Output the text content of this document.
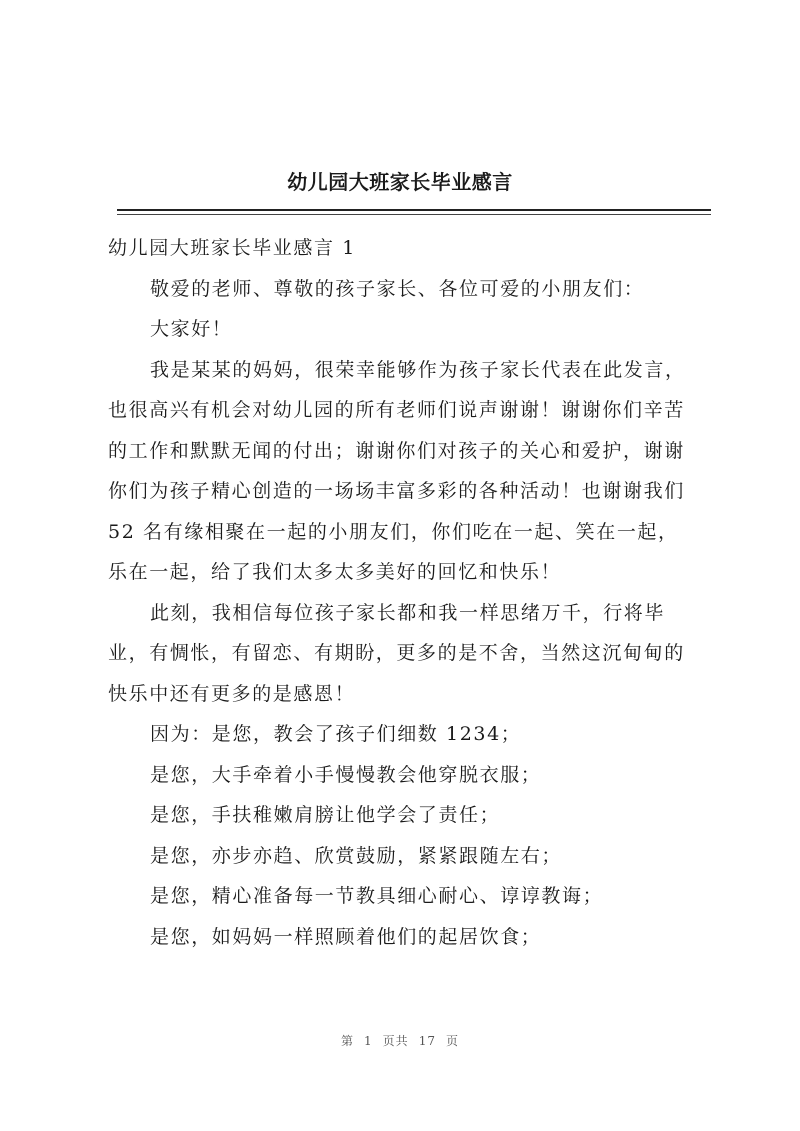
幼儿园大班家长毕业感言
幼儿园大班家长毕业感言 1
敬爱的老师、尊敬的孩子家长、各位可爱的小朋友们：
大家好！
我是某某的妈妈，很荣幸能够作为孩子家长代表在此发言，
也很高兴有机会对幼儿园的所有老师们说声谢谢！谢谢你们辛苦
的工作和默默无闻的付出；谢谢你们对孩子的关心和爱护，谢谢
你们为孩子精心创造的一场场丰富多彩的各种活动！也谢谢我们
52 名有缘相聚在一起的小朋友们，你们吃在一起、笑在一起，
乐在一起，给了我们太多太多美好的回忆和快乐！
此刻，我相信每位孩子家长都和我一样思绪万千，行将毕
业，有惆怅，有留恋、有期盼，更多的是不舍，当然这沉甸甸的
快乐中还有更多的是感恩！
因为：是您，教会了孩子们细数 1234；
是您，大手牵着小手慢慢教会他穿脱衣服；
是您，手扶稚嫩肩膀让他学会了责任；
是您，亦步亦趋、欣赏鼓励，紧紧跟随左右；
是您，精心准备每一节教具细心耐心、谆谆教诲；
是您，如妈妈一样照顾着他们的起居饮食；
第 1 页共 17 页
